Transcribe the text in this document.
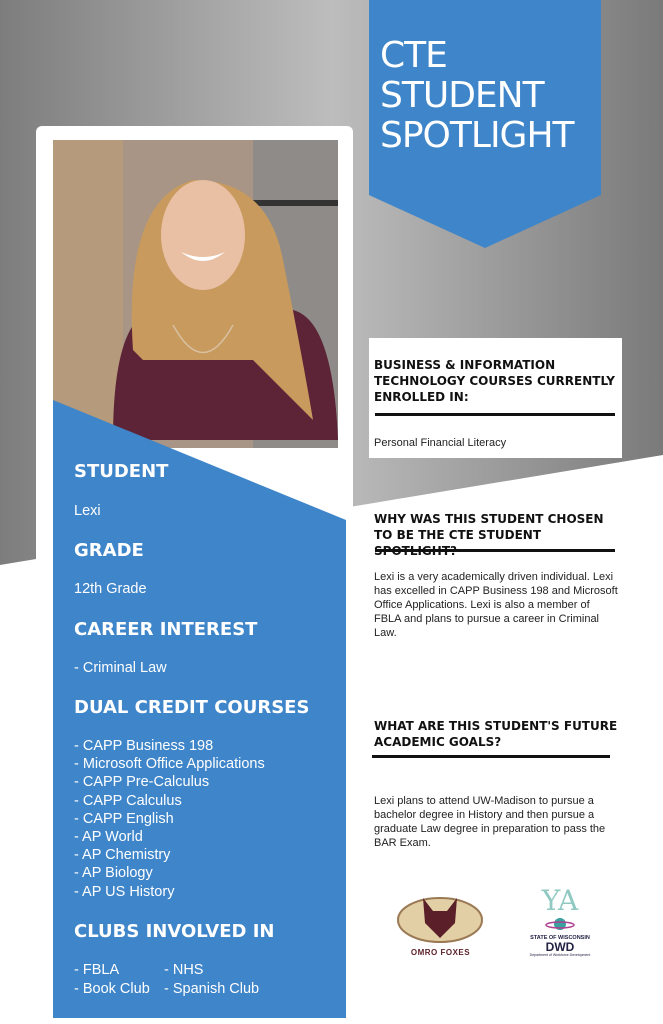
CTE
STUDENT
SPOTLIGHT
STUDENT
Lexi
GRADE
12th Grade
CAREER INTEREST
- Criminal Law
DUAL CREDIT COURSES
- CAPP Business 198
- Microsoft Office Applications
- CAPP Pre-Calculus
- CAPP Calculus
- CAPP English
- AP World
- AP Chemistry
- AP Biology
- AP US History
CLUBS INVOLVED IN
- FBLA	- NHS
- Book Club - Spanish Club
BUSINESS & INFORMATION TECHNOLOGY COURSES CURRENTLY ENROLLED IN:
Personal Financial Literacy
WHY WAS THIS STUDENT CHOSEN TO BE THE CTE STUDENT
Lexi is a very academically driven individual. Lexi has excelled in CAPP Business 198 and Microsoft Office Applications. Lexi is also a member of FBLA and plans to pursue a career in Criminal Law.
WHAT ARE THIS STUDENT'S FUTURE ACADEMIC GOALS?
Lexi plans to attend UW-Madison to pursue a bachelor degree in History and then pursue a graduate Law degree in preparation to pass the BAR Exam.
OMRO FOXES
YA
STATE OF WISCONSIN
DWD
Department of Workforce Development
